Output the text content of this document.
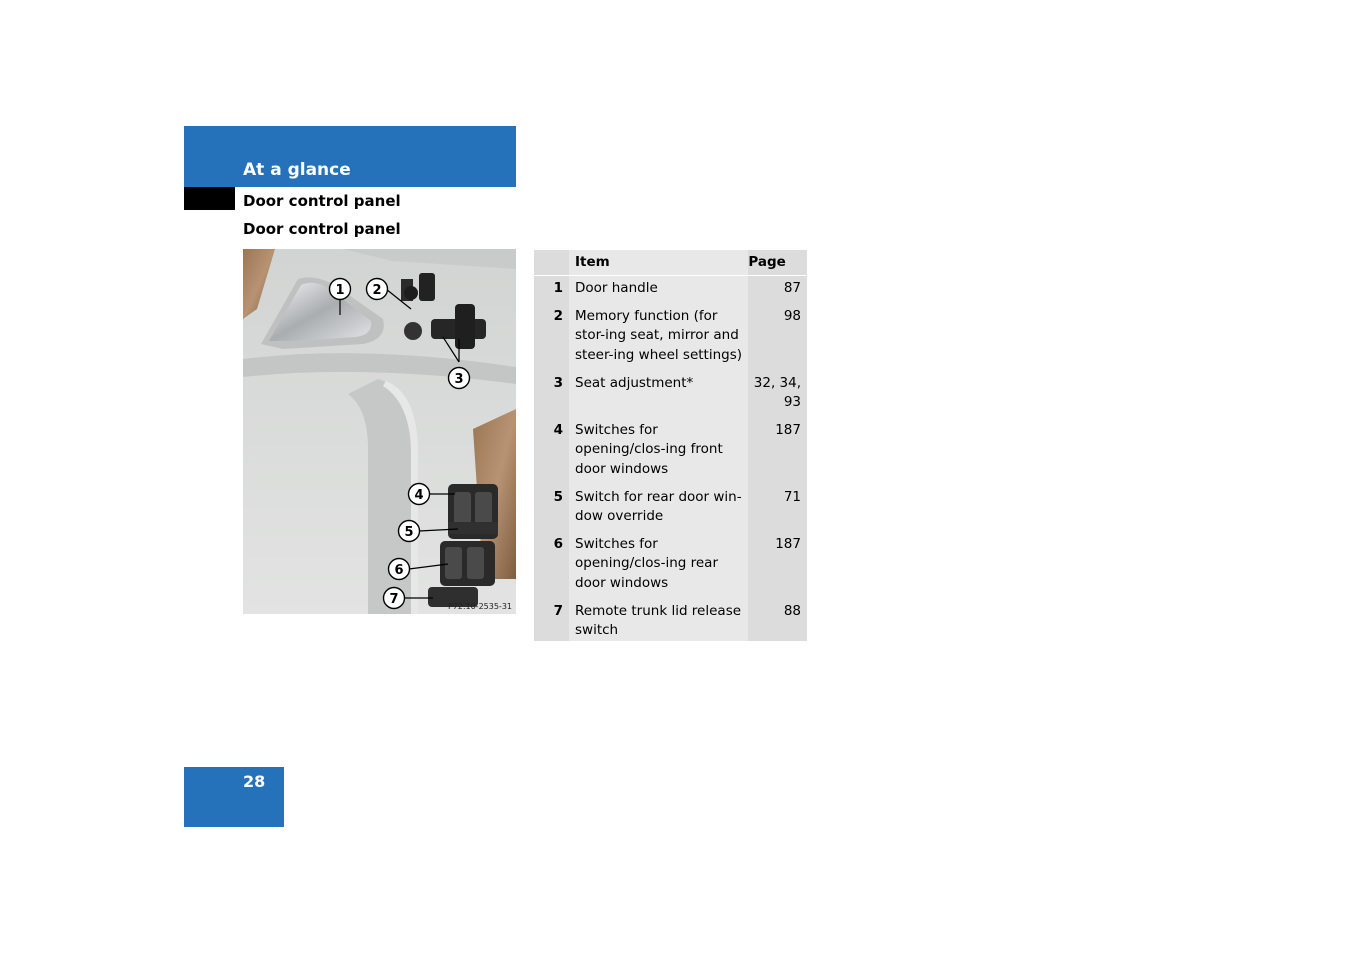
At a glance
Door control panel
Door control panel
1 2
3
4
5
6
7	P72.10-2535-31
	Item	Page
1	Door handle	87
2	Memory function (for stor-ing seat, mirror and steer-ing wheel settings)	98
3	Seat adjustment*	32, 34, 93
4	Switches for opening/clos-ing front door windows	187
5	Switch for rear door win-dow override	71
6	Switches for opening/clos-ing rear door windows	187
7	Remote trunk lid release switch	88
28
